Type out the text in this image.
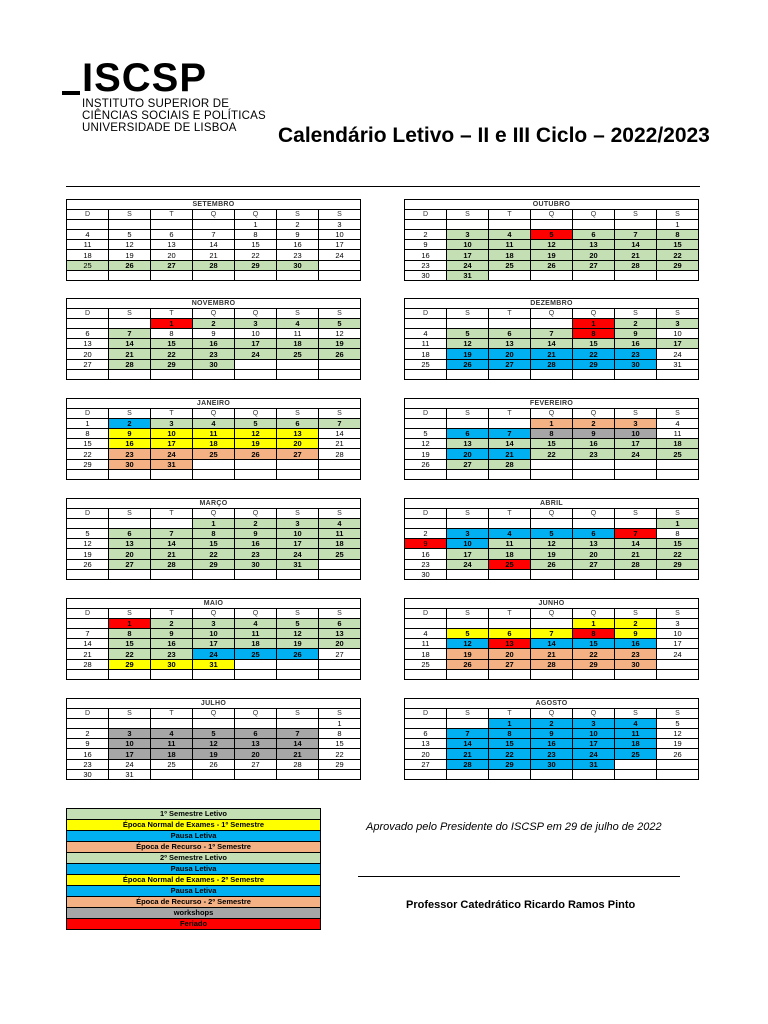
ISCSP
INSTITUTO SUPERIOR DE
CIÊNCIAS SOCIAIS E POLÍTICAS
UNIVERSIDADE DE LISBOA	Calendário Letivo – II e III Ciclo – 2022/2023
SETEMBRO						
D	S	T	Q	Q	S	S
				1	2	3
4	5	6	7	8	9	10
11	12	13	14	15	16	17
18	19	20	21	22	23	24
25	26	27	28	29	30	

OUTUBRO						
D	S	T	Q	Q	S	S
						1
2	3	4	5	6	7	8
9	10	11	12	13	14	15
16	17	18	19	20	21	22
23	24	25	26	27	28	29
30	31					
NOVEMBRO						
D	S	T	Q	Q	S	S
		1	2	3	4	5
6	7	8	9	10	11	12
13	14	15	16	17	18	19
20	21	22	23	24	25	26
27	28	29	30			

DEZEMBRO						
D	S	T	Q	Q	S	S
				1	2	3
4	5	6	7	8	9	10
11	12	13	14	15	16	17
18	19	20	21	22	23	24
25	26	27	28	29	30	31

JANEIRO						
D	S	T	Q	Q	S	S
1	2	3	4	5	6	7
8	9	10	11	12	13	14
15	16	17	18	19	20	21
22	23	24	25	26	27	28
29	30	31				

FEVEREIRO						
D	S	T	Q	Q	S	S
			1	2	3	4
5	6	7	8	9	10	11
12	13	14	15	16	17	18
19	20	21	22	23	24	25
26	27	28				

MARÇO						
D	S	T	Q	Q	S	S
			1	2	3	4
5	6	7	8	9	10	11
12	13	14	15	16	17	18
19	20	21	22	23	24	25
26	27	28	29	30	31	

ABRIL						
D	S	T	Q	Q	S	S
						1
2	3	4	5	6	7	8
9	10	11	12	13	14	15
16	17	18	19	20	21	22
23	24	25	26	27	28	29
30						
MAIO						
D	S	T	Q	Q	S	S
	1	2	3	4	5	6
7	8	9	10	11	12	13
14	15	16	17	18	19	20
21	22	23	24	25	26	27
28	29	30	31			

JUNHO						
D	S	T	Q	Q	S	S
				1	2	3
4	5	6	7	8	9	10
11	12	13	14	15	16	17
18	19	20	21	22	23	24
25	26	27	28	29	30	

JULHO						
D	S	T	Q	Q	S	S
						1
2	3	4	5	6	7	8
9	10	11	12	13	14	15
16	17	18	19	20	21	22
23	24	25	26	27	28	29
30	31					
AGOSTO						
D	S	T	Q	Q	S	S
		1	2	3	4	5
6	7	8	9	10	11	12
13	14	15	16	17	18	19
20	21	22	23	24	25	26
27	28	29	30	31		

1º Semestre Letivo
Época Normal de Exames - 1º Semestre
Pausa Letiva
Época de Recurso - 1º Semestre
2º Semestre Letivo
Pausa Letiva
Época Normal de Exames - 2º Semestre
Pausa Letiva
Época de Recurso - 2º Semestre
workshops
Feriado
Aprovado pelo Presidente do ISCSP em 29 de julho de 2022
Professor Catedrático Ricardo Ramos Pinto
